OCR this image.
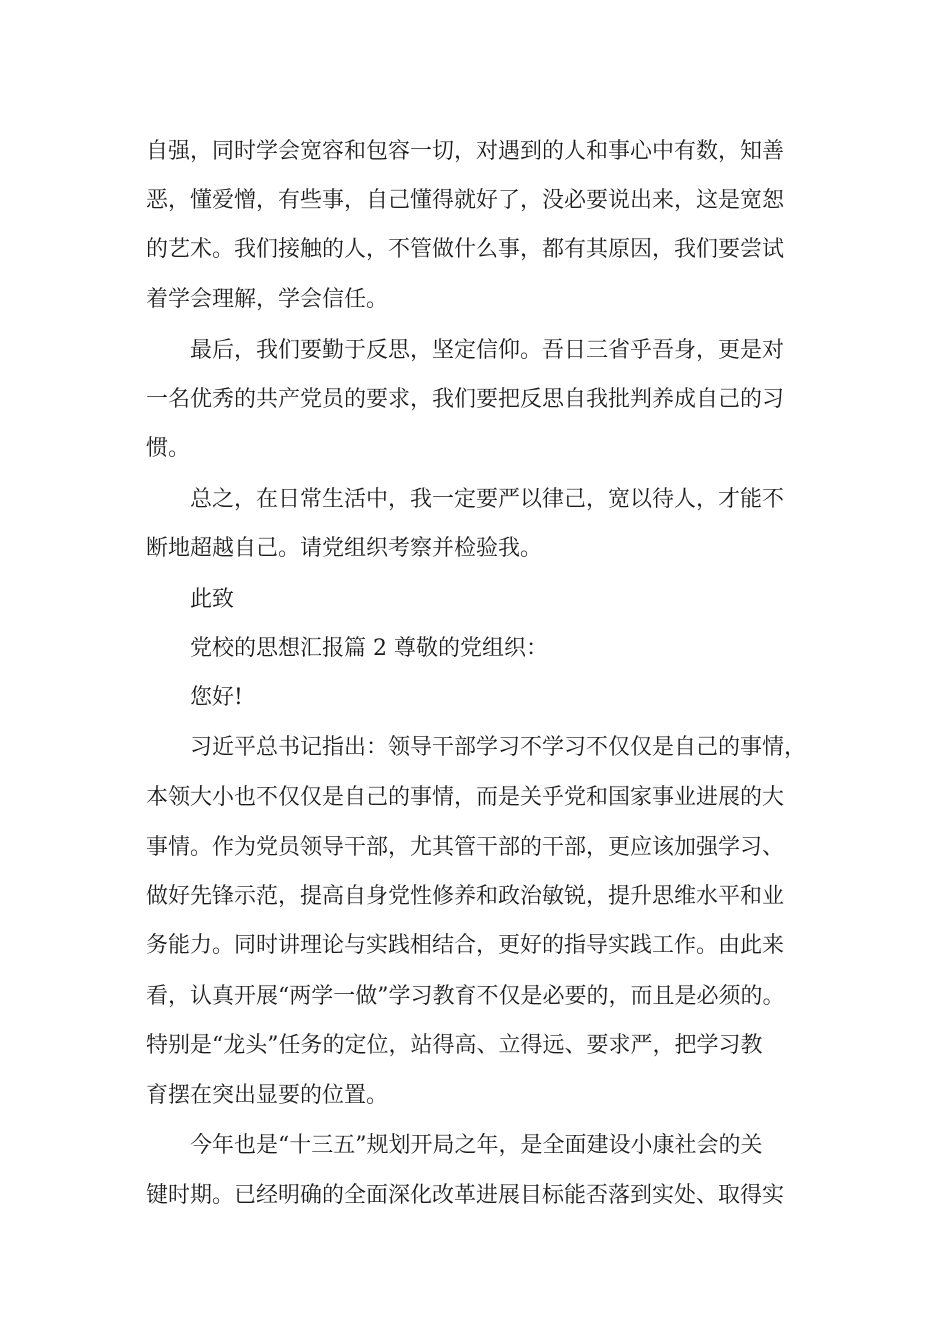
自强，同时学会宽容和包容一切，对遇到的人和事心中有数，知善
恶，懂爱憎，有些事，自己懂得就好了，没必要说出来，这是宽恕
的艺术。我们接触的人，不管做什么事，都有其原因，我们要尝试
着学会理解，学会信任。
最后，我们要勤于反思，坚定信仰。吾日三省乎吾身，更是对
一名优秀的共产党员的要求，我们要把反思自我批判养成自己的习
惯。
总之，在日常生活中，我一定要严以律己，宽以待人，才能不
断地超越自己。请党组织考察并检验我。
此致
党校的思想汇报篇 2 尊敬的党组织：
您好!
习近平总书记指出：领导干部学习不学习不仅仅是自己的事情，
本领大小也不仅仅是自己的事情，而是关乎党和国家事业进展的大
事情。作为党员领导干部，尤其管干部的干部，更应该加强学习、
做好先锋示范，提高自身党性修养和政治敏锐，提升思维水平和业
务能力。同时讲理论与实践相结合，更好的指导实践工作。由此来
看，认真开展“两学一做”学习教育不仅是必要的，而且是必须的。
特别是“龙头”任务的定位，站得高、立得远、要求严，把学习教
育摆在突出显要的位置。
今年也是“十三五”规划开局之年，是全面建设小康社会的关
键时期。已经明确的全面深化改革进展目标能否落到实处、取得实
